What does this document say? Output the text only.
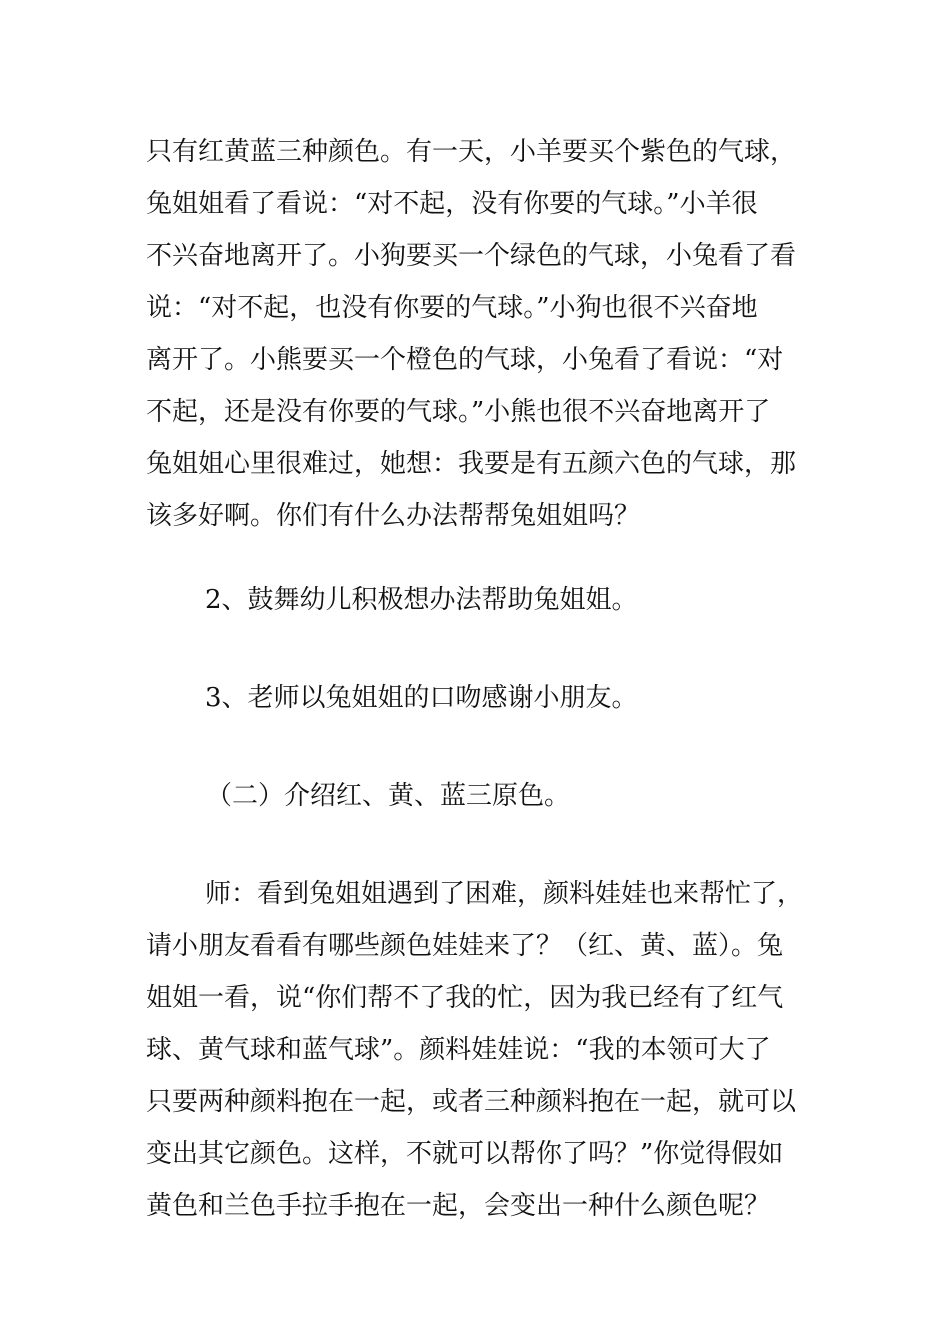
只有红黄蓝三种颜色。有一天，小羊要买个紫色的气球，
兔姐姐看了看说：“对不起，没有你要的气球。”小羊很
不兴奋地离开了。小狗要买一个绿色的气球，小兔看了看
说：“对不起，也没有你要的气球。”小狗也很不兴奋地
离开了。小熊要买一个橙色的气球，小兔看了看说：“对
不起，还是没有你要的气球。”小熊也很不兴奋地离开了
兔姐姐心里很难过，她想：我要是有五颜六色的气球，那
该多好啊。你们有什么办法帮帮兔姐姐吗？
2、鼓舞幼儿积极想办法帮助兔姐姐。
3、老师以兔姐姐的口吻感谢小朋友。
（二）介绍红、黄、蓝三原色。
师：看到兔姐姐遇到了困难，颜料娃娃也来帮忙了，
请小朋友看看有哪些颜色娃娃来了？（红、黄、蓝）。兔
姐姐一看，说“你们帮不了我的忙，因为我已经有了红气
球、黄气球和蓝气球”。颜料娃娃说：“我的本领可大了
只要两种颜料抱在一起，或者三种颜料抱在一起，就可以
变出其它颜色。这样，不就可以帮你了吗？”你觉得假如
黄色和兰色手拉手抱在一起，会变出一种什么颜色呢？
